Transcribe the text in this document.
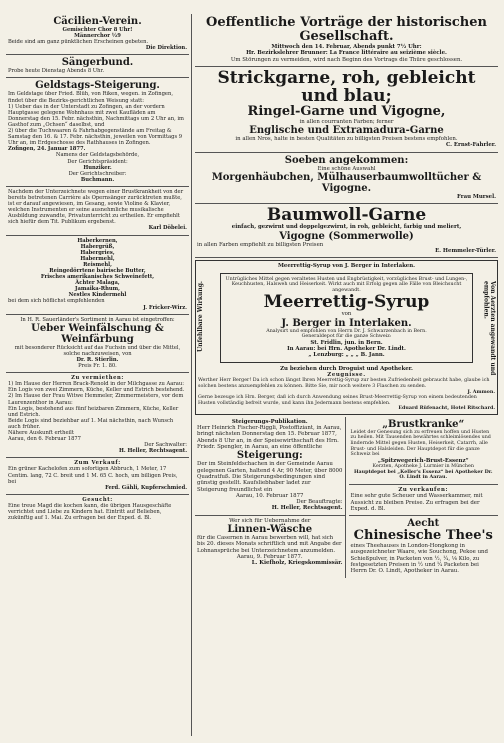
Cäcilien-Verein.

Gemischter Chor 8 Uhr!

Männerchor ½9

Beide sind am ganz pünktlichen Erscheinen gebeten.

Die Direktion.

Sängerbund.

Probe heute Dienstag Abends 8 Uhr.

Geldstags-Steigerung.

Im Geldstage über Fried. Blüh, von Riken, wegen. in Zofingen, findet über die Bezirks-gerichtlichen Weisung statt:

1) Ueber das in der Unterstadt zu Zofingen, an der vordern Hauptgasse gelegene Wohnhaus mit zwei Kaufläden am Donnerstag den 15. Febr. nächsthin, Nachmittags um 2 Uhr an, im Gasthof zum „Ochsen“ daselbst, und

2) über die Tuchwaaren & Fahrhabgegenstände am Freitag & Samstag den 16. & 17. Febr. nächsthin, jeweilen von Vormittags 9 Uhr an, im Erdgeschosse des Rathhauses in Zofingen.

Zofingen, 24. Januar 1877.

Namens der Geldstagsbehörde,

Der Gerichtspräsident:

Hunziker.

Der Gerichtschreiber:

Buchmann.

Nachdem der Unterzeichnete wegen einer Brustkrankheit von der bereits betretenen Carrière als Opernsänger zurücktreten mußte, ist er darauf angewiesen, im Gesang, sowie Violine & Klavier, welchen Instrumenten er seine ausnehmliche musikalische Ausbildung zuwandte, Privatunterricht zu ertheilen. Er empfiehlt sich hiefür dem Tit. Publikum ergebenst.

Karl Döbelei.

Haberkernen,

Habergrüß,

Habergries,

Habermehl,

Reismehl,

Reingedörrtene bairische Butter,

Frisches amerikanisches Schweinefett,

Ächter Malaga,

Jamaika-Rhum,

Nestles Kindermehl

bei dem sich höflichst empfehlenden

J. Fricker-Wirz.

In H. R. Sauerländer's Sortiment in Aarau ist eingetroffen:

Ueber Weinfälschung & Weinfärbung

mit besonderer Rücksicht auf das Fuchsin und über die Mittel, solche nachzuweisen, von

Dr. R. Stierlin.

Preis Fr. 1. 80.

Zu vermiethen:

1) Im Hause der Herren Brack-Renold in der Milchgasse zu Aarau:

Ein Logis von zwei Zimmern, Küche, Keller und Estrich bestehend.

2) Im Hause der Frau Witwe Hemmeler, Zimmermeisters, vor dem Laurenzenthor in Aarau:

Ein Logis, bestehend aus fünf heizbaren Zimmern, Küche, Keller und Estrich.

Beide Logis sind beziehbar auf 1. Mai nächsthin, nach Wunsch auch früher.

Nähere Auskunft ertheilt

Aarau, den 6. Februar 1877

Der Sachwalter:

H. Heller, Rechtsagent.

Zum Verkauf:

Ein grüner Kachelofen zum sofortigen Abbruch, 1 Meter, 17 Centim. lang, 72 C. breit und 1 M. 65 C. hoch, um billigen Preis, bei

Ferd. Gähli, Kupferschmied.

Gesucht:

Eine treue Magd die kochen kann, die übrigen Hausgeschäfte verrichtet und Liebe zu Kindern hat. Eintritt auf Belieben, zukünftig auf 1. Mai. Zu erfragen bei der Exped. d. Bl.

Oeffentliche Vorträge der historischen Gesellschaft.

Mittwoch den 14. Februar, Abends punkt 7½ Uhr:

Hr. Bezirkslehrer Brunner: La France littéraire au seizième siècle.

Um Störungen zu vermeiden, wird nach Beginn des Vortrags die Thüre geschlossen.

Strickgarne, roh, gebleicht und blau;

Ringel-Garne und Vigogne,

in allen courranten Farben; ferner

Englische und Extramadura-Garne

in allen Nros, halte in besten Qualitäten zu billigsten Preisen bestens empfohlen.

C. Ernst-Fahrler.

Soeben angekommen:

Eine schöne Auswahl

Morgenhäubchen, Mülhauserbaumwolltücher & Vigogne.

Frau Mursel.

Baumwoll-Garne

einfach, gezwirnt und doppelgezwirnt, in roh, gebleicht, farbig und meliert,

Vigogne (Sommerwolle)

in allen Farben empfiehlt zu billigsten Preisen

E. Hemmeler-Türler.

Meerrettig-Syrup von J. Berger in Interlaken.

Unfehlbare Wirkung.	Von Aerzten angewandt und empfohlen.

Untrügliches Mittel gegen veraltetes Husten und Engbrüstigkeit, vorzügliches Brust- und Lungen-, Keuchhusten, Halsweh und Heiserkeit. Wirkt auch mit Erfolg gegen alle Fälle von Bleichsucht angewandt.

Meerrettig-Syrup

von

J. Berger in Interlaken.

Analysirt und empfohlen von Herrn Dr. J. Schwarzenbach in Bern.

Generaldepot für die ganze Schweiz:

St. Fridlin, jun. in Bern.

In Aarau: bei Hrn. Apotheker Dr. Lindt.

„ Lenzburg: „ „ „ B. Jann.

Zu beziehen durch Droguist und Apotheker.

Zeugnisse.

Werther Herr Berger! Da ich schon längst Ihren Meerrettig-Syrup zur besten Zufriedenheit gebraucht habe, glaube ich solchen bestens anzuempfehlen zu können. Bitte Sie, mir noch weitere 3 Flaschen zu senden.

J. Ammon.

Gerne bezeuge ich Hrn. Berger, daß ich durch Anwendung seines Brust-Meerrettig-Syrup von einem bedeutenden Husten vollständig befreit wurde, und kann ihn Jedermann bestens empfehlen.

Eduard Rüfenacht, Hotel Ritschard.

Steigerungs-Publikation.

Herr Heinrich Fischer-Riggli, Postoffiziant, in Aarau, bringt nächsten Donnerstag den 15. Februar 1877, Abends 8 Uhr an, in der Speisewirthschaft des Hrn. Friedr. Spengler, in Aarau, an eine öffentliche

Steigerung:

Der im Steinfeldschachen in der Gemeinde Aarau gelegenen Garten, haltend 4 Ar, 90 Meter, über 8000 Quadratfuß. Die Steigerungsbedingungen sind günstig gestellt. Kaufsliebhaber ladet zur Steigerung freundlichst ein

Aarau, 10. Februar 1877

Der Beauftragte:

H. Heller, Rechtsagent.

Wer sich für Uebernahme der

Linnen-Wäsche

für die Casernen in Aarau bewerben will, hat sich bis 20. dieses Monats schriftlich und mit Angabe der Lohnansprüche bei Unterzeichnetem anzumelden.

Aarau, 9. Februar 1877.

L. Kiefholz, Kriegskommissär.

„Brustkranke“

Leidet der Genesung sich zu erfreuen hoffen und Husten zu heilen. Mit Tausenden bewährtes schleimlösendes und lindernde Mittel gegen Husten, Heiserkeit, Catarrh, alle Brust- und Halsleiden. Der Hauptdepot für die ganze Schweiz bei

„Spitzwegerich-Brust-Essenz“

Kerzten, Apotheke J. Lurmier in München

Hauptdepot bei „Keller's Essenz“ bei Apotheker Dr. O. Lindt in Aarau.

Zu verkaufen:

Eine sehr gute Scheuer und Wasserkammer, mit Aussicht zu bleiben Preise. Zu erfragen bei der Exped. d. Bl.

Aecht

Chinesische Thee's

eines Theehauses in London-Hongkong in ausgezeichneter Waare, wie Souchong, Pekoe und Schießpulver, in Packeten von ½, ¼, ⅛ Kilo, zu festgesetzten Preisen in ½ und ¼ Packeten bei Herrn Dr. O. Lindt, Apotheker in Aarau.
